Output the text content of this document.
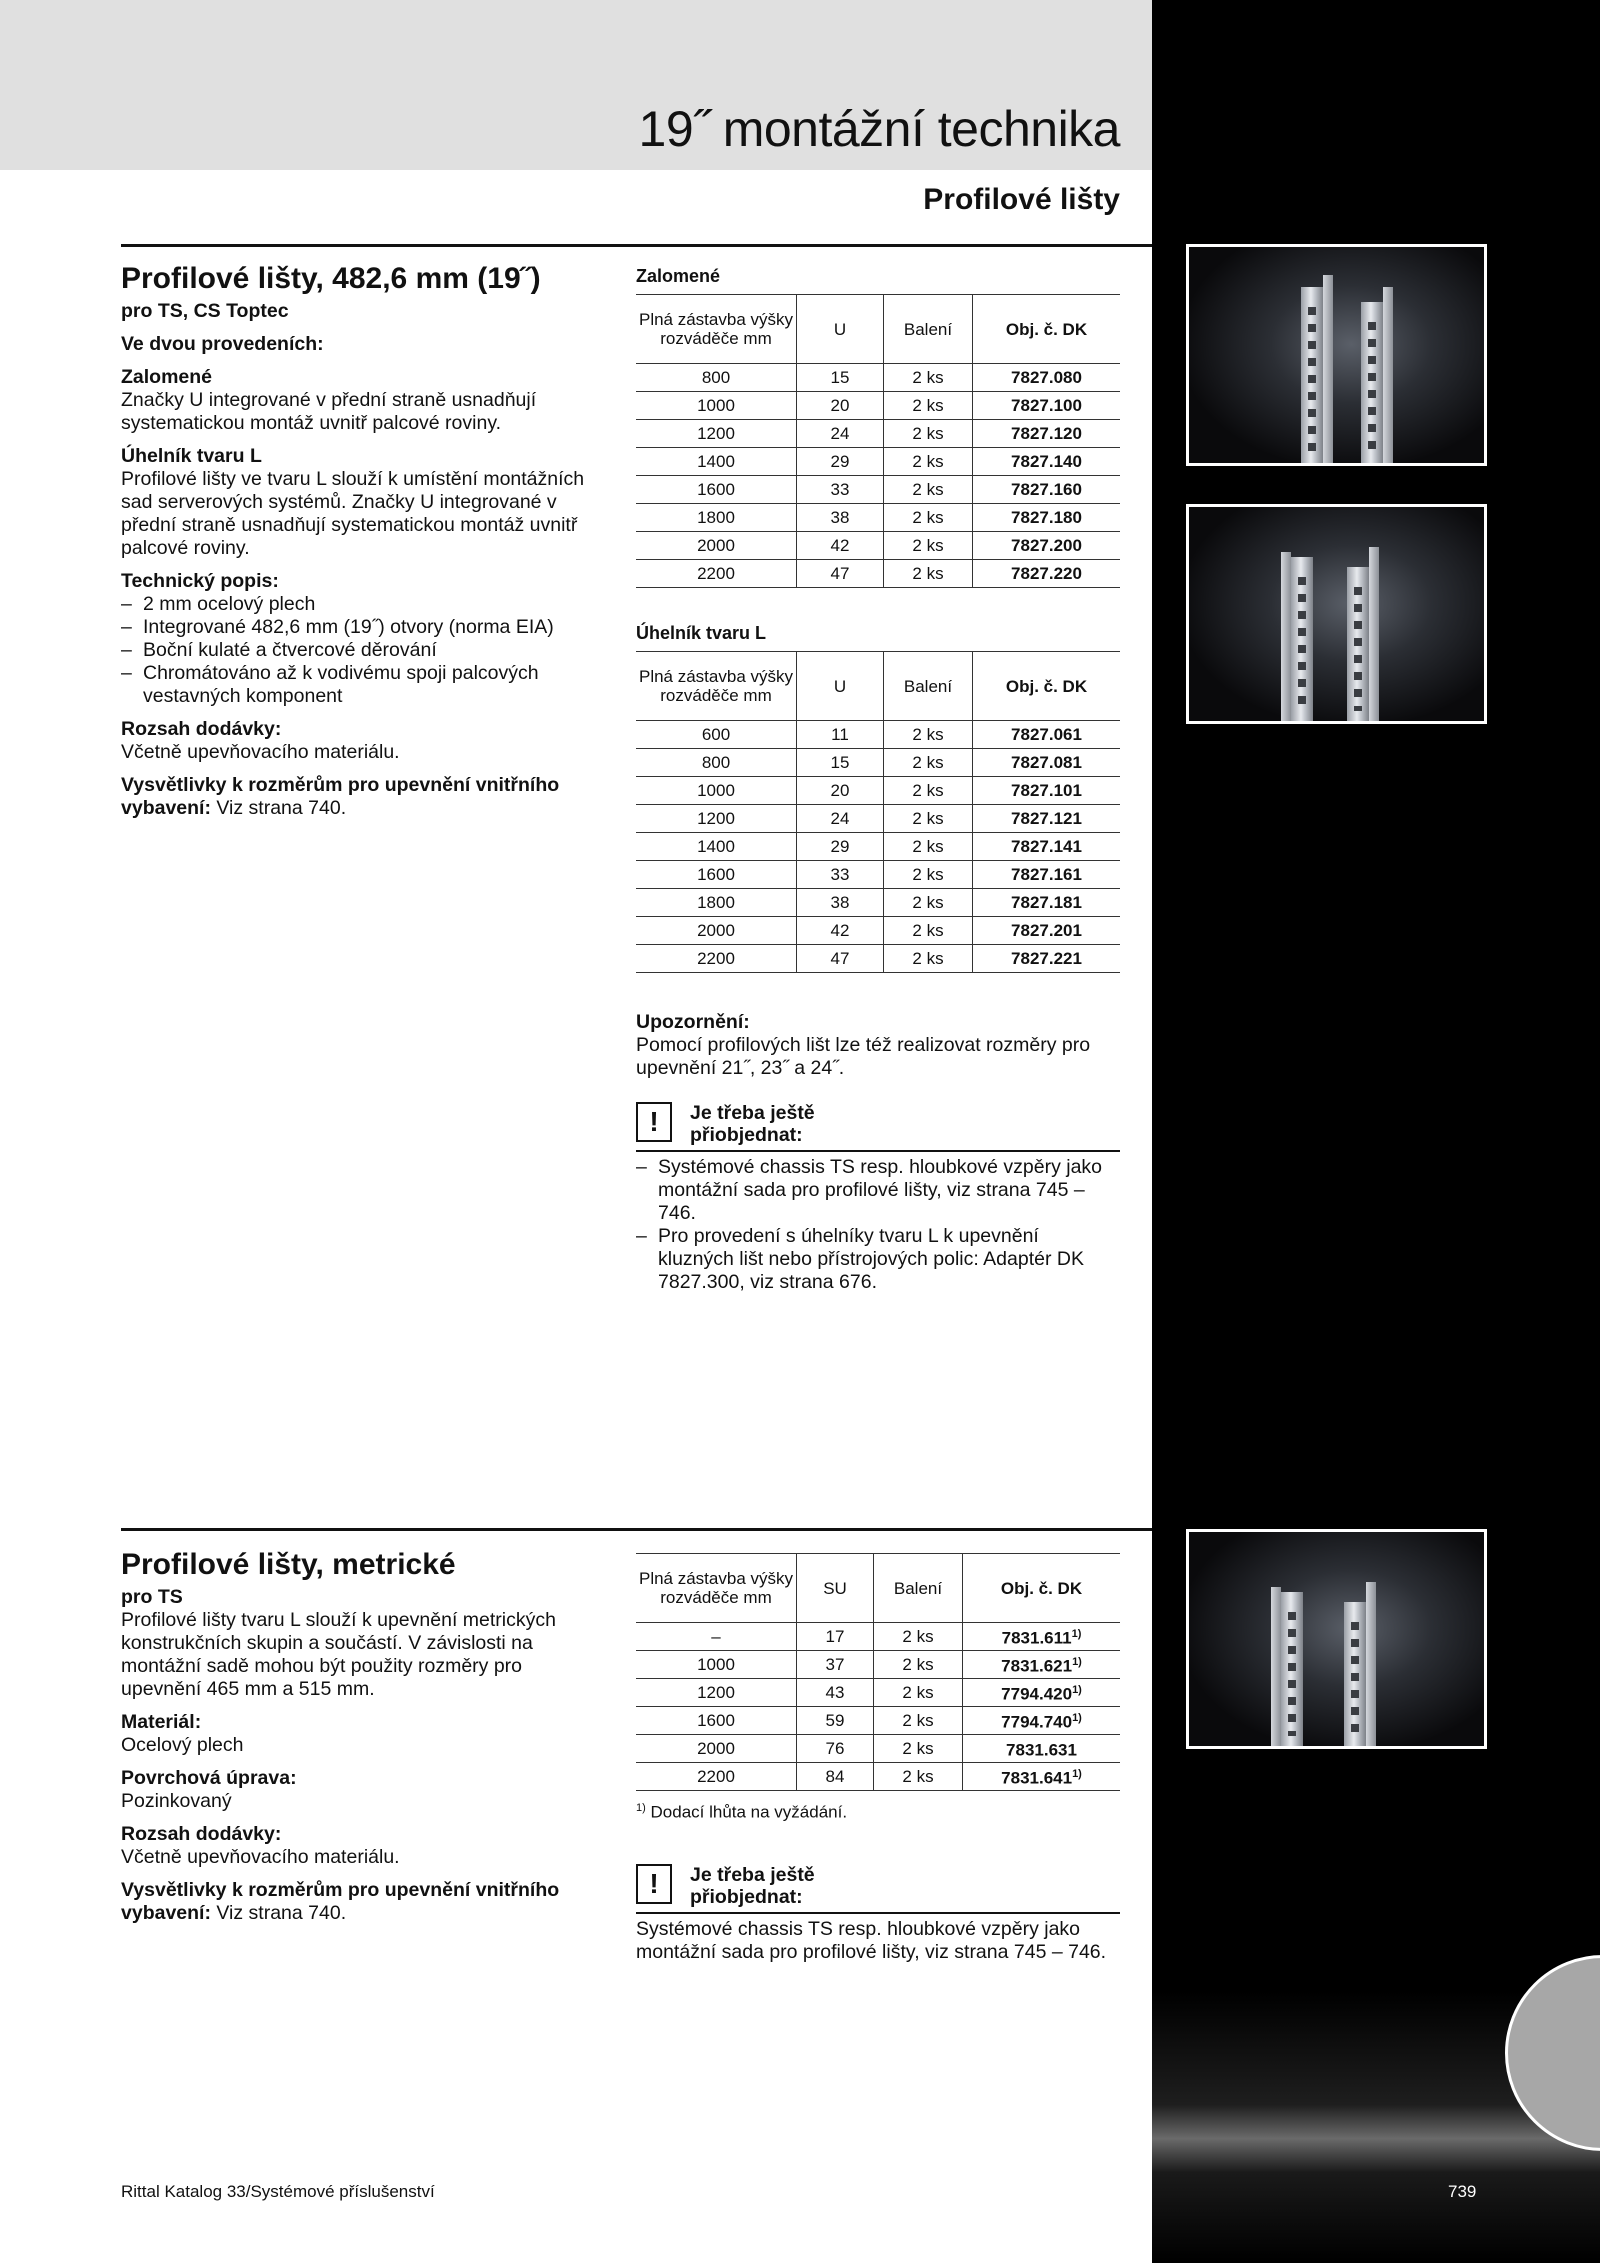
19˝ montážní technika
Profilové lišty
Profilové lišty, 482,6 mm (19˝)

pro TS, CS Toptec

Ve dvou provedeních:

Zalomené

Značky U integrované v přední straně usnadňují systematickou montáž uvnitř palcové roviny.

Úhelník tvaru L

Profilové lišty ve tvaru L slouží k umístění montážních sad serverových systémů. Značky U integrované v přední straně usnadňují systematickou montáž uvnitř palcové roviny.

Technický popis:

– 2 mm ocelový plech
– Integrované 482,6 mm (19˝) otvory (norma EIA)
– Boční kulaté a čtvercové děrování
– Chromátováno až k vodivému spoji palcových vestavných komponent

Rozsah dodávky:

Včetně upevňovacího materiálu.

Vysvětlivky k rozměrům pro upevnění vnitřního vybavení: Viz strana 740.

Zalomené
Plná zástavba výšky rozváděče mm	U	Balení	Obj. č. DK
800	15	2 ks	7827.080
1000	20	2 ks	7827.100
1200	24	2 ks	7827.120
1400	29	2 ks	7827.140
1600	33	2 ks	7827.160
1800	38	2 ks	7827.180
2000	42	2 ks	7827.200
2200	47	2 ks	7827.220
Úhelník tvaru L
Plná zástavba výšky rozváděče mm	U	Balení	Obj. č. DK
600	11	2 ks	7827.061
800	15	2 ks	7827.081
1000	20	2 ks	7827.101
1200	24	2 ks	7827.121
1400	29	2 ks	7827.141
1600	33	2 ks	7827.161
1800	38	2 ks	7827.181
2000	42	2 ks	7827.201
2200	47	2 ks	7827.221

Upozornění:
Pomocí profilových lišt lze též realizovat rozměry pro upevnění 21˝, 23˝ a 24˝.

!	Je třeba ještě
přiobjednat:
– Systémové chassis TS resp. hloubkové vzpěry jako montážní sada pro profilové lišty, viz strana 745 – 746.
– Pro provedení s úhelníky tvaru L k upevnění kluzných lišt nebo přístrojových polic: Adaptér DK 7827.300, viz strana 676.
Profilové lišty, metrické

pro TS

Profilové lišty tvaru L slouží k upevnění metrických konstrukčních skupin a součástí. V závislosti na montážní sadě mohou být použity rozměry pro upevnění 465 mm a 515 mm.

Materiál:

Ocelový plech

Povrchová úprava:

Pozinkovaný

Rozsah dodávky:

Včetně upevňovacího materiálu.

Vysvětlivky k rozměrům pro upevnění vnitřního vybavení: Viz strana 740.

Plná zástavba výšky rozváděče mm	SU	Balení	Obj. č. DK
–	17	2 ks	7831.611$^{1)}$
1000	37	2 ks	7831.621$^{1)}$
1200	43	2 ks	7794.420$^{1)}$
1600	59	2 ks	7794.740$^{1)}$
2000	76	2 ks	7831.631
2200	84	2 ks	7831.641$^{1)}$
$^{1)}$ Dodací lhůta na vyžádání.
!	Je třeba ještě
přiobjednat:

Systémové chassis TS resp. hloubkové vzpěry jako montážní sada pro profilové lišty, viz strana 745 – 746.

Rittal Katalog 33/Systémové příslušenství	739
